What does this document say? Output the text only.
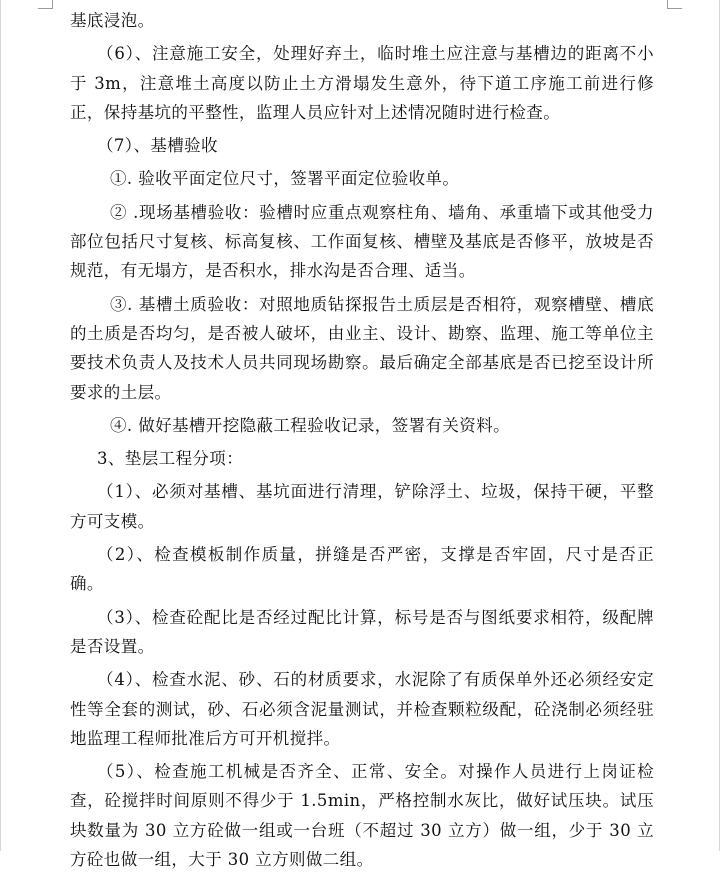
基底浸泡。

（6）、注意施工安全，处理好弃土，临时堆土应注意与基槽边的距离不小于 3m，注意堆土高度以防止土方滑塌发生意外，待下道工序施工前进行修正，保持基坑的平整性，监理人员应针对上述情况随时进行检查。

（7）、基槽验收

①. 验收平面定位尺寸，签署平面定位验收单。

② .现场基槽验收：验槽时应重点观察柱角、墙角、承重墙下或其他受力部位包括尺寸复核、标高复核、工作面复核、槽壁及基底是否修平，放坡是否规范，有无塌方，是否积水，排水沟是否合理、适当。

③. 基槽土质验收：对照地质钻探报告土质层是否相符，观察槽壁、槽底的土质是否均匀，是否被人破坏，由业主、设计、勘察、监理、施工等单位主要技术负责人及技术人员共同现场勘察。最后确定全部基底是否已挖至设计所要求的土层。

④. 做好基槽开挖隐蔽工程验收记录，签署有关资料。

3、垫层工程分项：

（1）、必须对基槽、基坑面进行清理，铲除浮土、垃圾，保持干硬，平整方可支模。

（2）、检查模板制作质量，拼缝是否严密，支撑是否牢固，尺寸是否正确。

（3）、检查砼配比是否经过配比计算，标号是否与图纸要求相符，级配牌是否设置。

（4）、检查水泥、砂、石的材质要求，水泥除了有质保单外还必须经安定性等全套的测试，砂、石必须含泥量测试，并检查颗粒级配，砼浇制必须经驻地监理工程师批准后方可开机搅拌。

（5）、检查施工机械是否齐全、正常、安全。对操作人员进行上岗证检查，砼搅拌时间原则不得少于 1.5min，严格控制水灰比，做好试压块。试压块数量为 30 立方砼做一组或一台班（不超过 30 立方）做一组，少于 30 立方砼也做一组，大于 30 立方则做二组。
